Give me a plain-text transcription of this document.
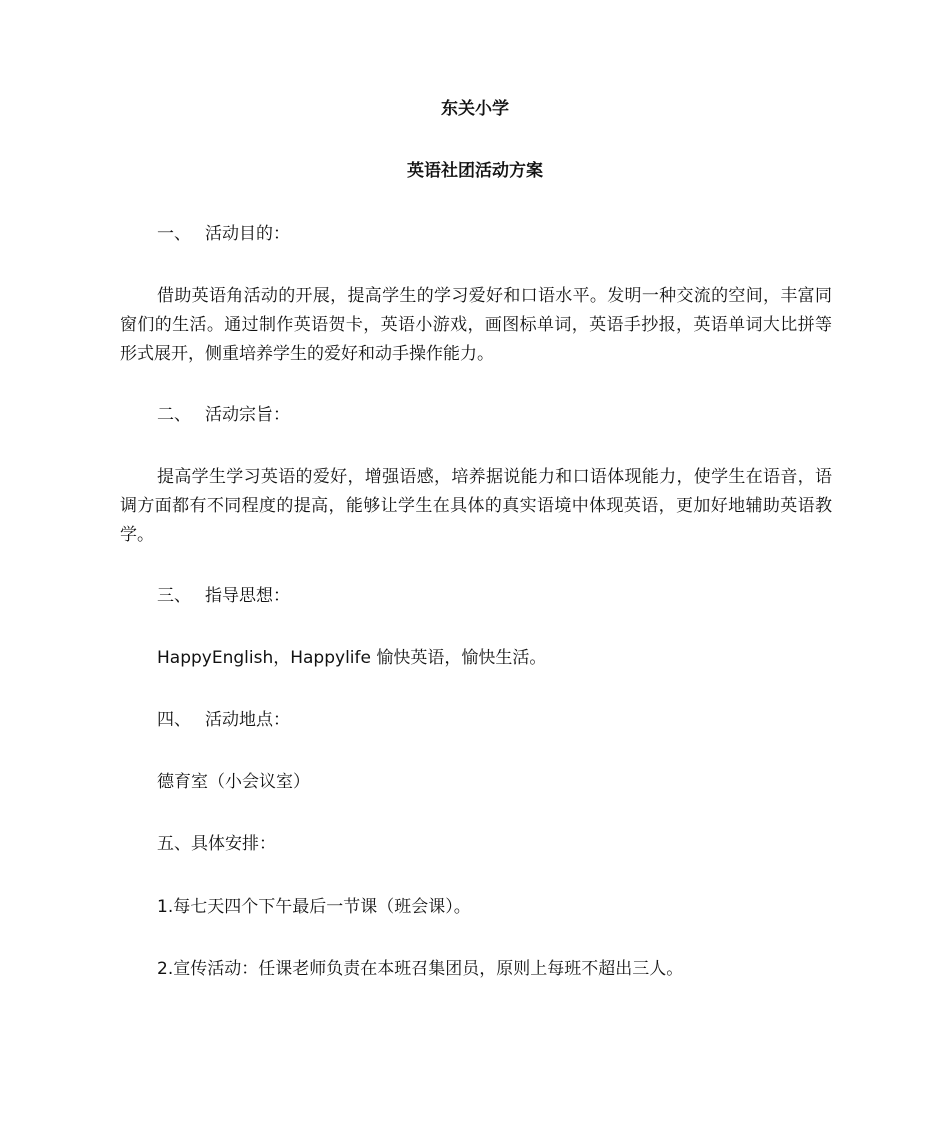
东关小学
英语社团活动方案
一、 活动目的：
借助英语角活动的开展，提高学生的学习爱好和口语水平。发明一种交流的空间，丰富同窗们的生活。通过制作英语贺卡，英语小游戏，画图标单词，英语手抄报，英语单词大比拼等形式展开，侧重培养学生的爱好和动手操作能力。
二、 活动宗旨：
提高学生学习英语的爱好，增强语感，培养据说能力和口语体现能力，使学生在语音，语调方面都有不同程度的提高，能够让学生在具体的真实语境中体现英语，更加好地辅助英语教学。
三、 指导思想：
HappyEnglish，Happylife 愉快英语，愉快生活。
四、 活动地点：
德育室（小会议室）
五、具体安排：
1.每七天四个下午最后一节课（班会课）。
2.宣传活动：任课老师负责在本班召集团员，原则上每班不超出三人。
